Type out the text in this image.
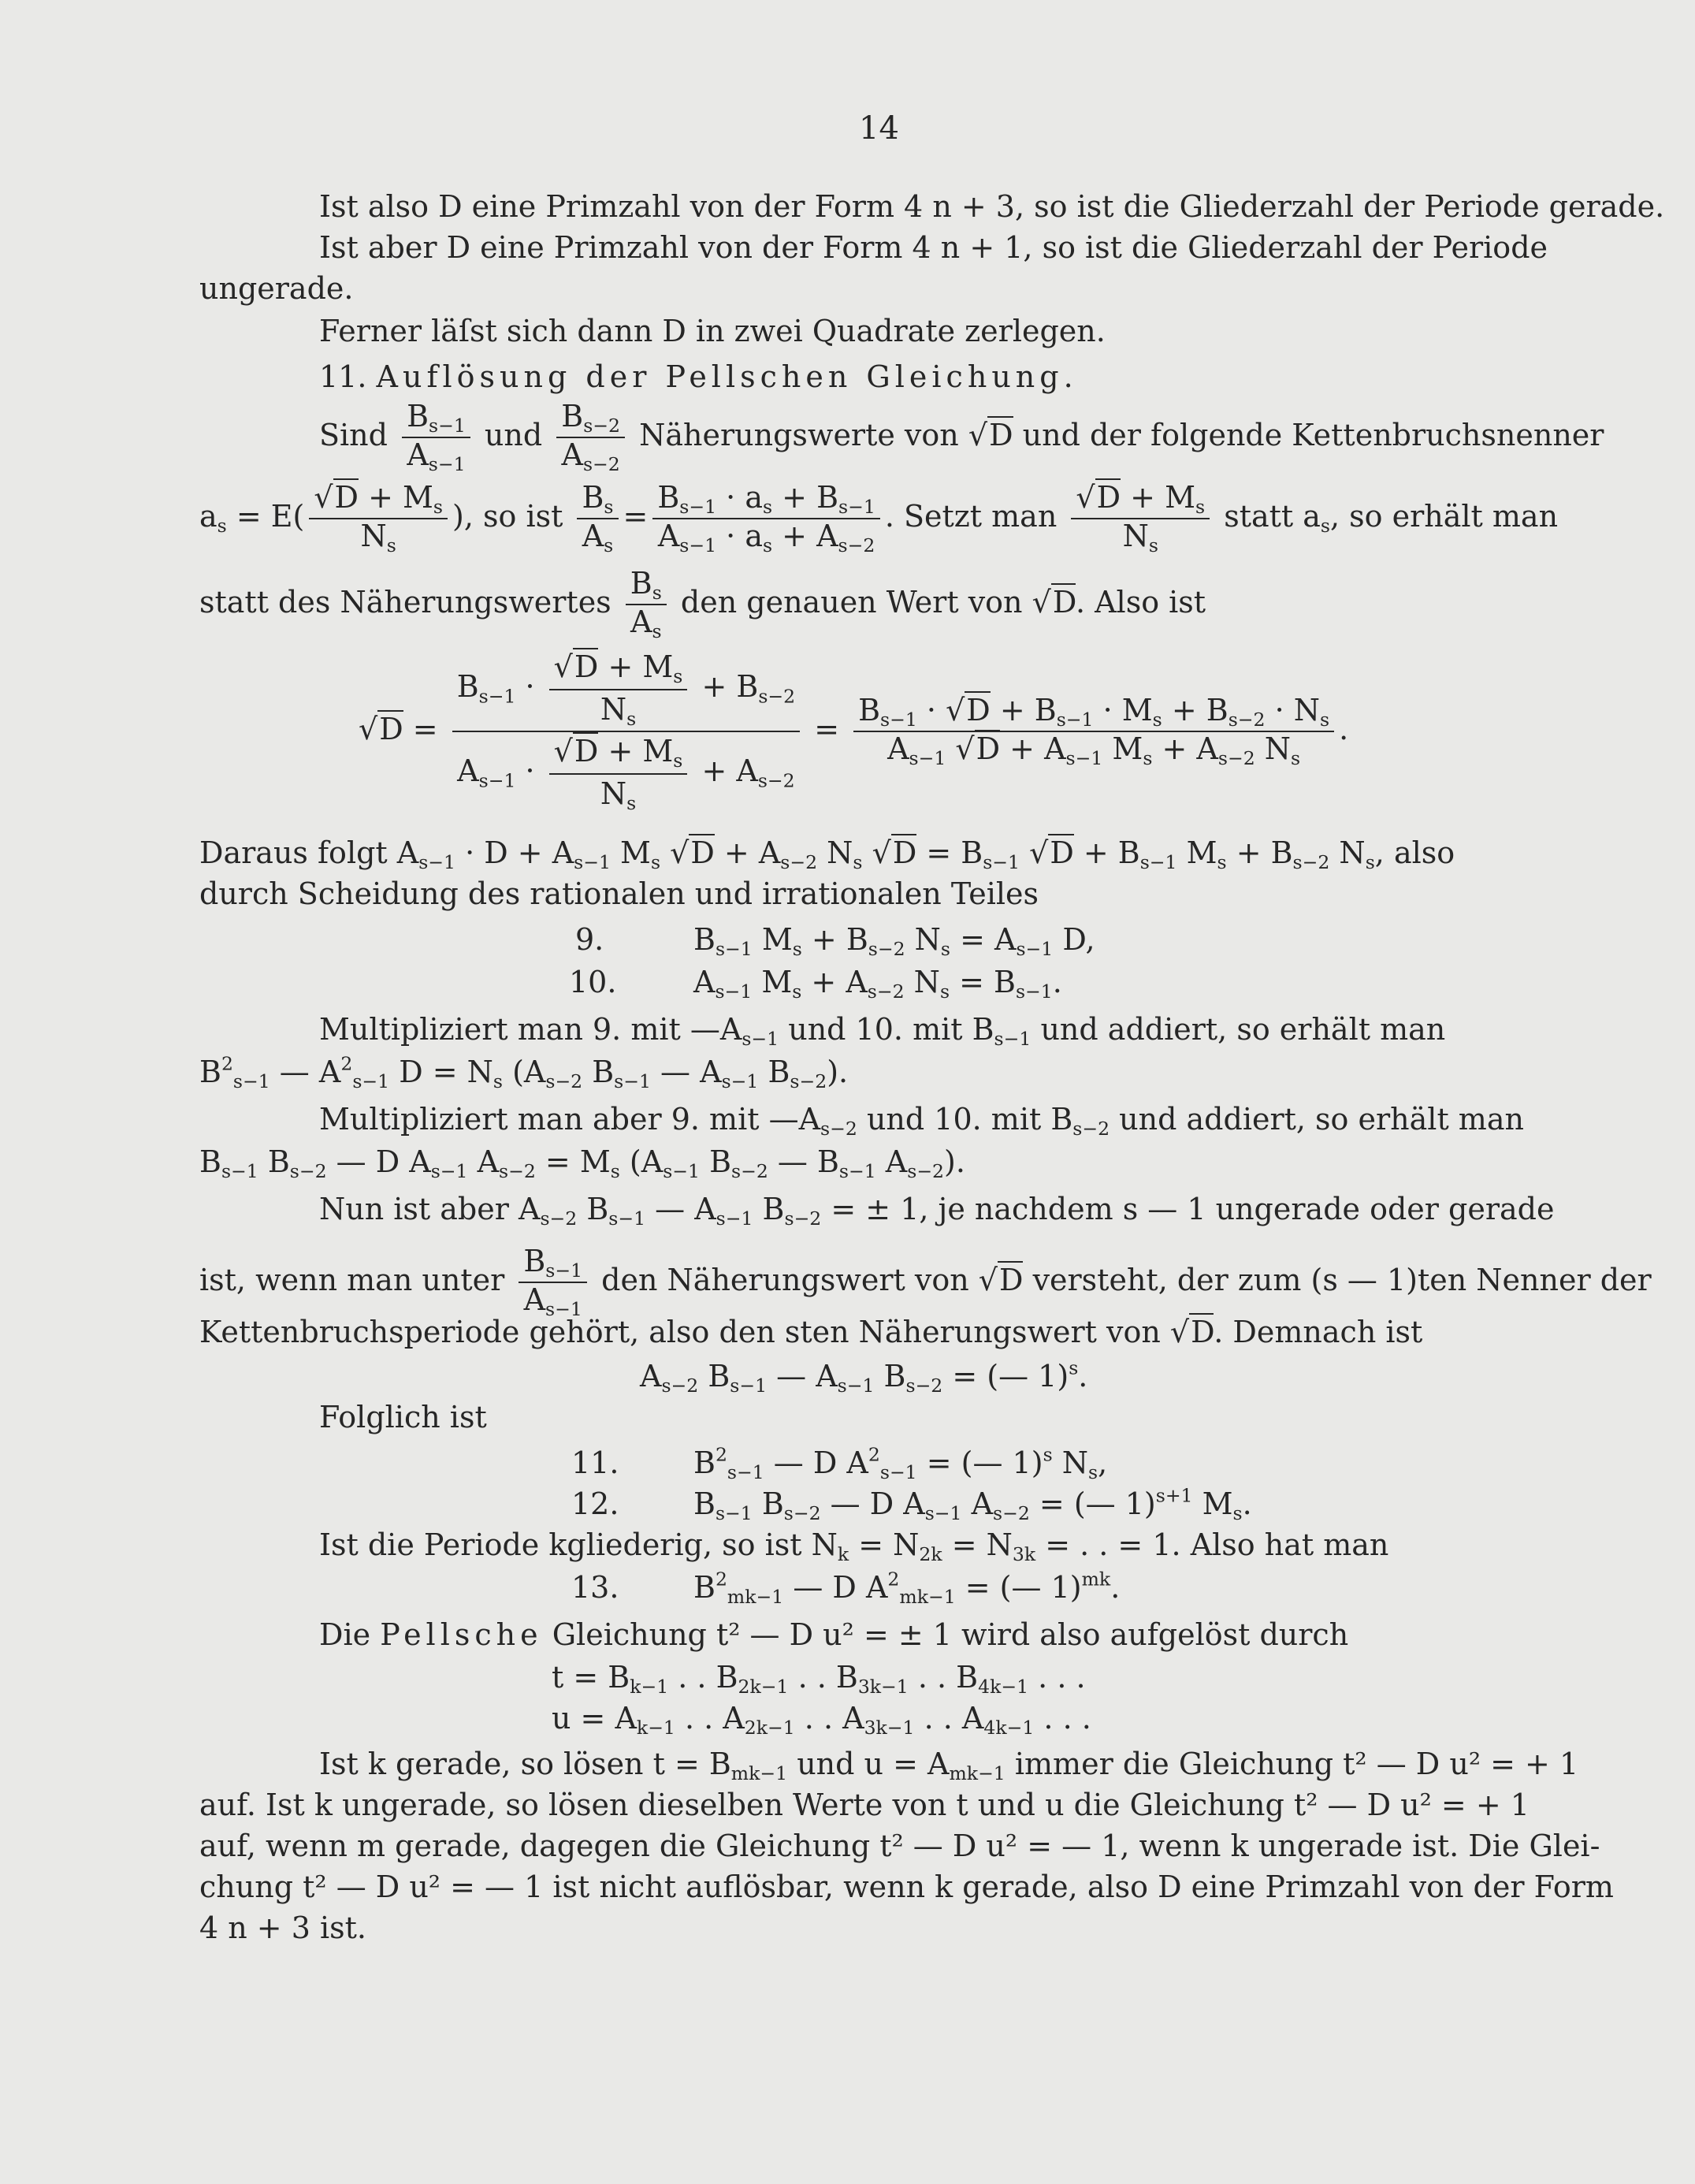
14
Ist also D eine Primzahl von der Form 4 n + 3, so ist die Gliederzahl der Periode gerade.
Ist aber D eine Primzahl von der Form 4 n + 1, so ist die Gliederzahl der Periode
ungerade.
Ferner läſst sich dann D in zwei Quadrate zerlegen.
11. Auflösung der Pellschen Gleichung.
Sind $\frac{B_{s-1}}{A_{s-1}}$ und $\frac{B_{s-2}}{A_{s-2}}$ Näherungswerte von √D und der folgende Kettenbruchsnenner
$a_s = E( \frac{√D + M_s}{N_s}$ ), so ist $\frac{B_s}{A_s} = \frac{B_{s-1} \cdot a_s + B_{s-1}}{A_{s-1} \cdot a_s + A_{s-2}}$ . Setzt man $\frac{√D + M_s}{N_s}$ statt $a_s$, so erhält man
statt des Näherungswertes $\frac{B_s}{A_s}$ den genauen Wert von √D. Also ist
$√D = \frac{B_{s-1} \cdot \frac{√D + M_s}{N_s} + B_{s-2}}{A_{s-1} \cdot \frac{√D + M_s}{N_s} + A_{s-2}} = \frac{B_{s-1} \cdot √D + B_{s-1} \cdot M_s + B_{s-2} \cdot N_s}{A_{s-1} √D + A_{s-1} M_s + A_{s-2} N_s}$ .
Daraus folgt $A_{s-1} \cdot D + A_{s-1}$ $M_s$ $√D + A_{s-2}$ $N_s$ $√D = B_{s-1}$ $√D + B_{s-1}$ $M_s + B_{s-2}$ $N_s$, also
durch Scheidung des rationalen und irrationalen Teiles
9.	$B_{s-1}$ $M_s + B_{s-2}$ $N_s = A_{s-1}$ D,
10.	$A_{s-1}$ $M_s + A_{s-2}$ $N_s = B_{s-1}$.
Multipliziert man 9. mit $—A_{s-1}$ und 10. mit $B_{s-1}$ und addiert, so erhält man
$B^2_{s-1}$ — $A^2_{s-1}$ $D = N_s$ ($A_{s-2}$ $B_{s-1}$ — $A_{s-1}$ $B_{s-2}$).
Multipliziert man aber 9. mit $—A_{s-2}$ und 10. mit $B_{s-2}$ und addiert, so erhält man
$B_{s-1}$ $B_{s-2}$ — D $A_{s-1}$ $A_{s-2} = M_s$ ($A_{s-1}$ $B_{s-2}$ — $B_{s-1}$ $A_{s-2}$).
Nun ist aber $A_{s-2}$ $B_{s-1}$ — $A_{s-1}$ $B_{s-2}$ = ± 1, je nachdem s — 1 ungerade oder gerade
ist, wenn man unter $\frac{B_{s-1}}{A_{s-1}}$ den Näherungswert von √D versteht, der zum (s — 1)ten Nenner der
Kettenbruchsperiode gehört, also den sten Näherungswert von √D. Demnach ist
$A_{s-2}$ $B_{s-1}$ — $A_{s-1}$ $B_{s-2}$ = (— 1)$^s$.
Folglich ist
11. $B^2_{s-1}$ — D $A^2_{s-1}$ = (— 1)$^s$ $N_s$,
12. $B_{s-1}$ $B_{s-2}$ — D $A_{s-1}$ $A_{s-2}$ = (— 1)$^{s+1}$ $M_s$.
Ist die Periode kgliederig, so ist $N_k = N_{2k} = N_{3k}$ = . . = 1. Also hat man
13. $B^2_{mk-1}$ — D $A^2_{mk-1}$ = (— 1)$^{mk}$.
Die Pellsche Gleichung t² — D u² = ± 1 wird also aufgelöst durch
$t = B_{k-1}$ . . $B_{2k-1}$ . . $B_{3k-1}$ . . $B_{4k-1}$ . . .
$u = A_{k-1}$ . . $A_{2k-1}$ . . $A_{3k-1}$ . . $A_{4k-1}$ . . .
Ist k gerade, so lösen $t = B_{mk-1}$ und $u = A_{mk-1}$ immer die Gleichung t² — D u² = + 1
auf. Ist k ungerade, so lösen dieselben Werte von t und u die Gleichung t² — D u² = + 1
auf, wenn m gerade, dagegen die Gleichung t² — D u² = — 1, wenn k ungerade ist. Die Glei-
chung t² — D u² = — 1 ist nicht auflösbar, wenn k gerade, also D eine Primzahl von der Form
4 n + 3 ist.
